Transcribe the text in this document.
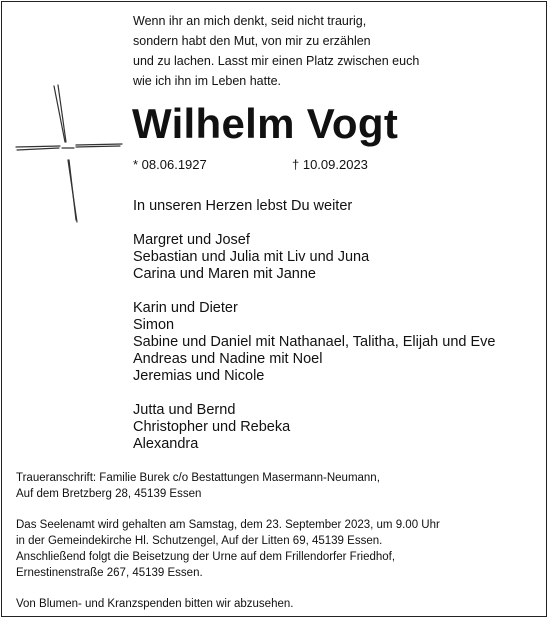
Wenn ihr an mich denkt, seid nicht traurig,
sondern habt den Mut, von mir zu erzählen
und zu lachen. Lasst mir einen Platz zwischen euch
wie ich ihn im Leben hatte.
Wilhelm Vogt
* 08.06.1927	† 10.09.2023
In unseren Herzen lebst Du weiter
Margret und Josef
Sebastian und Julia mit Liv und Juna
Carina und Maren mit Janne
Karin und Dieter
Simon
Sabine und Daniel mit Nathanael, Talitha, Elijah und Eve
Andreas und Nadine mit Noel
Jeremias und Nicole
Jutta und Bernd
Christopher und Rebeka
Alexandra
Traueranschrift: Familie Burek c/o Bestattungen Masermann-Neumann,
Auf dem Bretzberg 28, 45139 Essen
Das Seelenamt wird gehalten am Samstag, dem 23. September 2023, um 9.00 Uhr
in der Gemeindekirche Hl. Schutzengel, Auf der Litten 69, 45139 Essen.
Anschließend folgt die Beisetzung der Urne auf dem Frillendorfer Friedhof,
Ernestinenstraße 267, 45139 Essen.
Von Blumen- und Kranzspenden bitten wir abzusehen.
